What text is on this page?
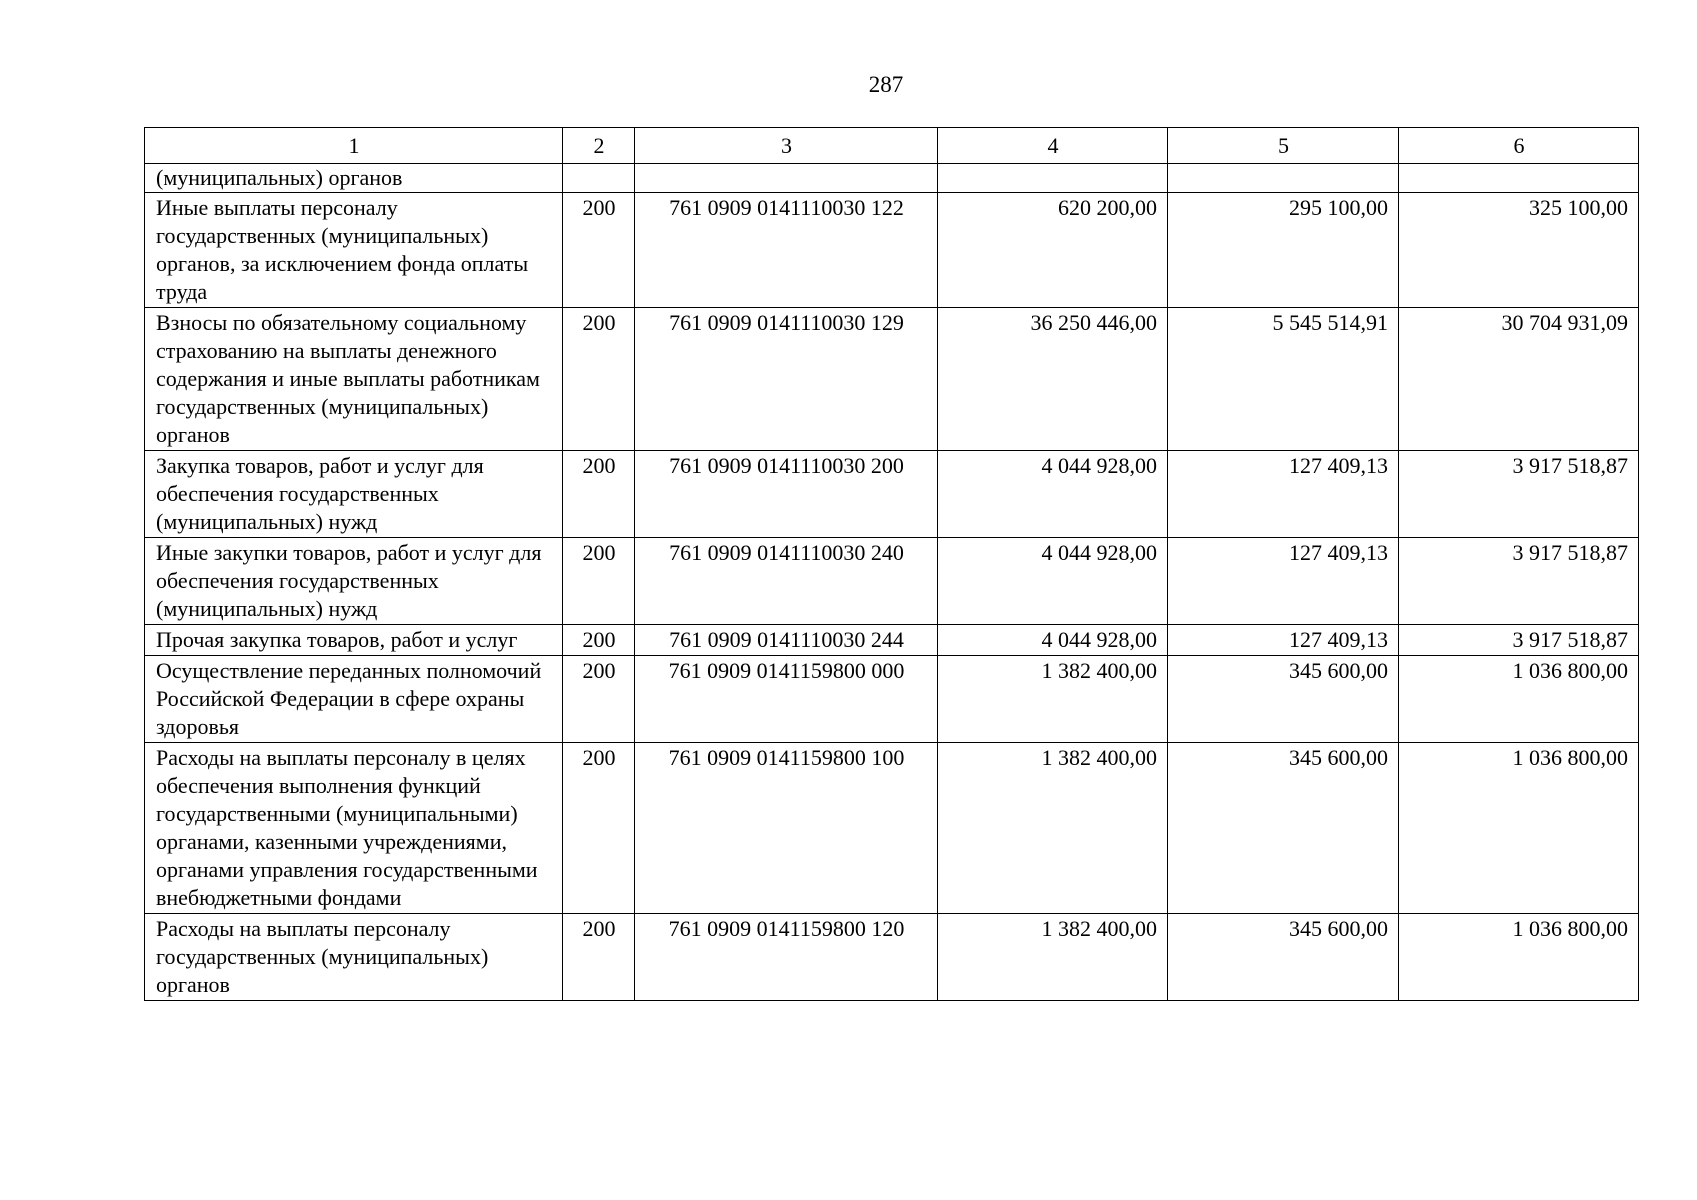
287
1	2	3	4	5	6
(муниципальных) органов					
Иные выплаты персоналу государственных (муниципальных) органов, за исключением фонда оплаты труда	200	761 0909 0141110030 122	620 200,00	295 100,00	325 100,00
Взносы по обязательному социальному страхованию на выплаты денежного содержания и иные выплаты работникам государственных (муниципальных) органов	200	761 0909 0141110030 129	36 250 446,00	5 545 514,91	30 704 931,09
Закупка товаров, работ и услуг для обеспечения государственных (муниципальных) нужд	200	761 0909 0141110030 200	4 044 928,00	127 409,13	3 917 518,87
Иные закупки товаров, работ и услуг для обеспечения государственных (муниципальных) нужд	200	761 0909 0141110030 240	4 044 928,00	127 409,13	3 917 518,87
Прочая закупка товаров, работ и услуг	200	761 0909 0141110030 244	4 044 928,00	127 409,13	3 917 518,87
Осуществление переданных полномочий Российской Федерации в сфере охраны здоровья	200	761 0909 0141159800 000	1 382 400,00	345 600,00	1 036 800,00
Расходы на выплаты персоналу в целях обеспечения выполнения функций государственными (муниципальными) органами, казенными учреждениями, органами управления государственными внебюджетными фондами	200	761 0909 0141159800 100	1 382 400,00	345 600,00	1 036 800,00
Расходы на выплаты персоналу государственных (муниципальных) органов	200	761 0909 0141159800 120	1 382 400,00	345 600,00	1 036 800,00
